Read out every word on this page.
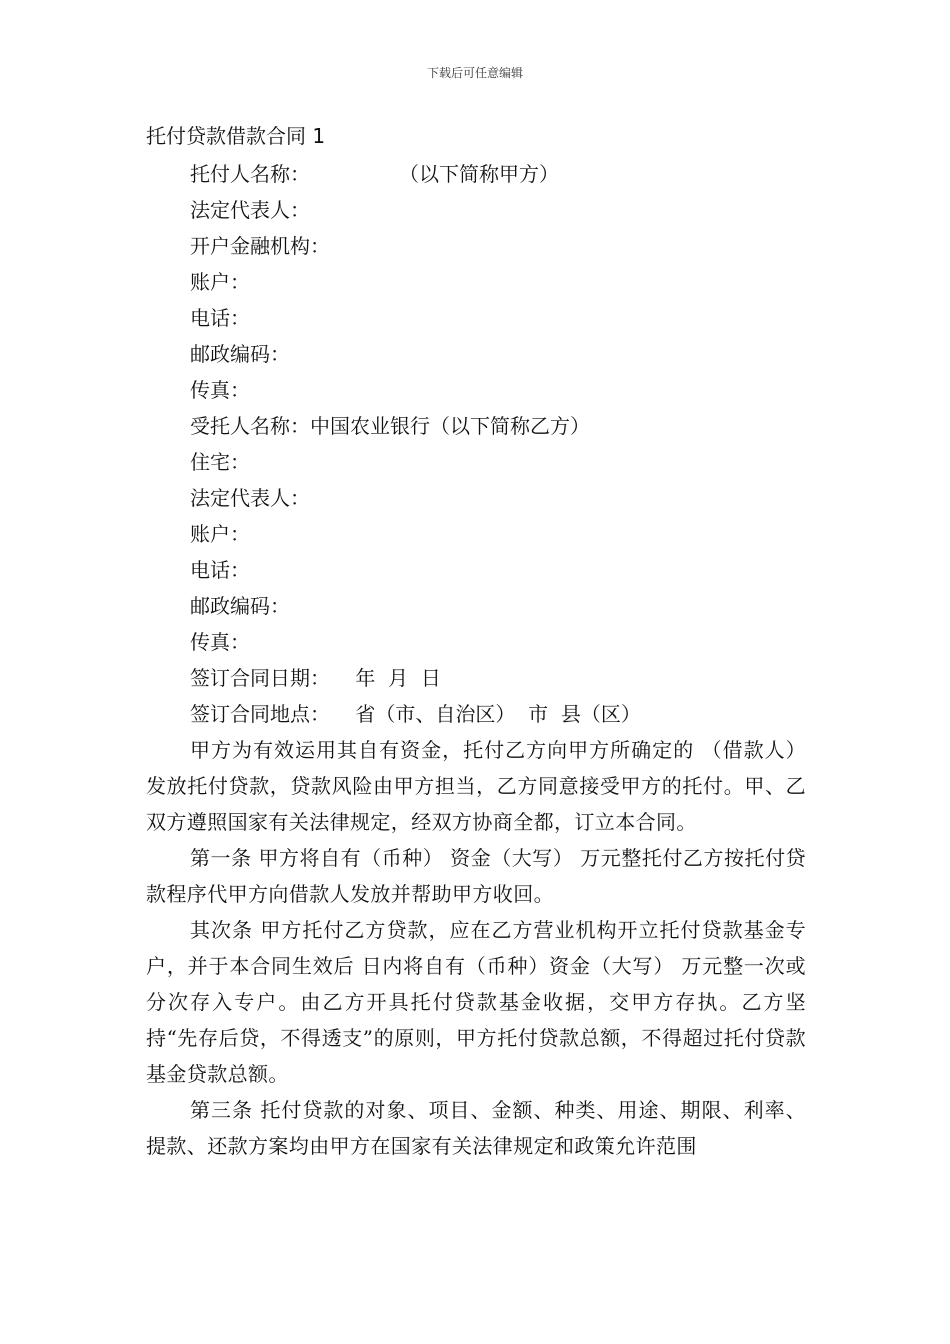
下载后可任意编辑
托付贷款借款合同 1
托付人名称：              （以下简称甲方）
法定代表人：
开户金融机构：
账户：
电话：
邮政编码：
传真：
受托人名称：中国农业银行（以下简称乙方）
住宅：
法定代表人：
账户：
电话：
邮政编码：
传真：
签订合同日期：    年  月  日
签订合同地点：    省（市、自治区）  市  县（区）

甲方为有效运用其自有资金，托付乙方向甲方所确定的 （借款人）发放托付贷款，贷款风险由甲方担当，乙方同意接受甲方的托付。甲、乙双方遵照国家有关法律规定，经双方协商全都，订立本合同。

第一条 甲方将自有（币种） 资金（大写） 万元整托付乙方按托付贷款程序代甲方向借款人发放并帮助甲方收回。

其次条 甲方托付乙方贷款，应在乙方营业机构开立托付贷款基金专户，并于本合同生效后 日内将自有（币种）资金（大写） 万元整一次或分次存入专户。由乙方开具托付贷款基金收据，交甲方存执。乙方坚持“先存后贷，不得透支”的原则，甲方托付贷款总额，不得超过托付贷款基金贷款总额。

第三条 托付贷款的对象、项目、金额、种类、用途、期限、利率、提款、还款方案均由甲方在国家有关法律规定和政策允许范围
